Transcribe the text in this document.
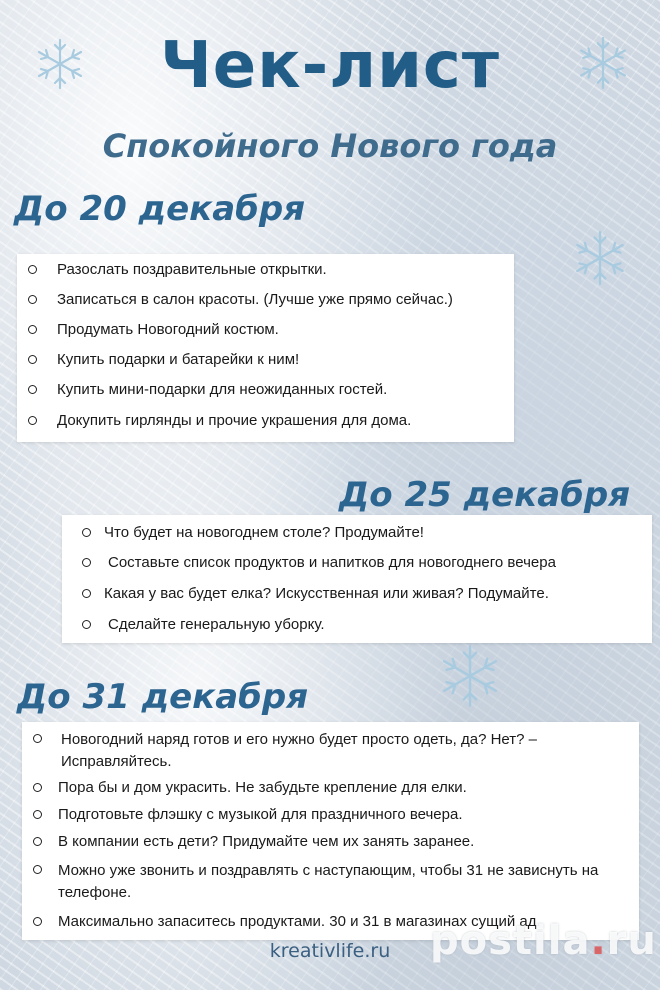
Чек-лист
Спокойного Нового года
До 20 декабря
Разослать поздравительные открытки.
Записаться в салон красоты. (Лучше уже прямо сейчас.)
Продумать Новогодний костюм.
Купить подарки и батарейки к ним!
Купить мини-подарки для неожиданных гостей.
Докупить гирлянды и прочие украшения для дома.
До 25 декабря
Что будет на новогоднем столе? Продумайте!
Составьте список продуктов и напитков для новогоднего вечера
Какая у вас будет елка? Искусственная или живая? Подумайте.
Сделайте генеральную уборку.
До 31 декабря
Новогодний наряд готов и его нужно будет просто одеть, да? Нет? – Исправляйтесь.
Пора бы и дом украсить. Не забудьте крепление для елки.
Подготовьте флэшку с музыкой для праздничного вечера.
В компании есть дети? Придумайте чем их занять заранее.
Можно уже звонить и поздравлять с наступающим, чтобы 31 не зависнуть на телефоне.
Максимально запаситесь продуктами. 30 и 31 в магазинах сущий ад.
kreativlife.ru postila.ru
